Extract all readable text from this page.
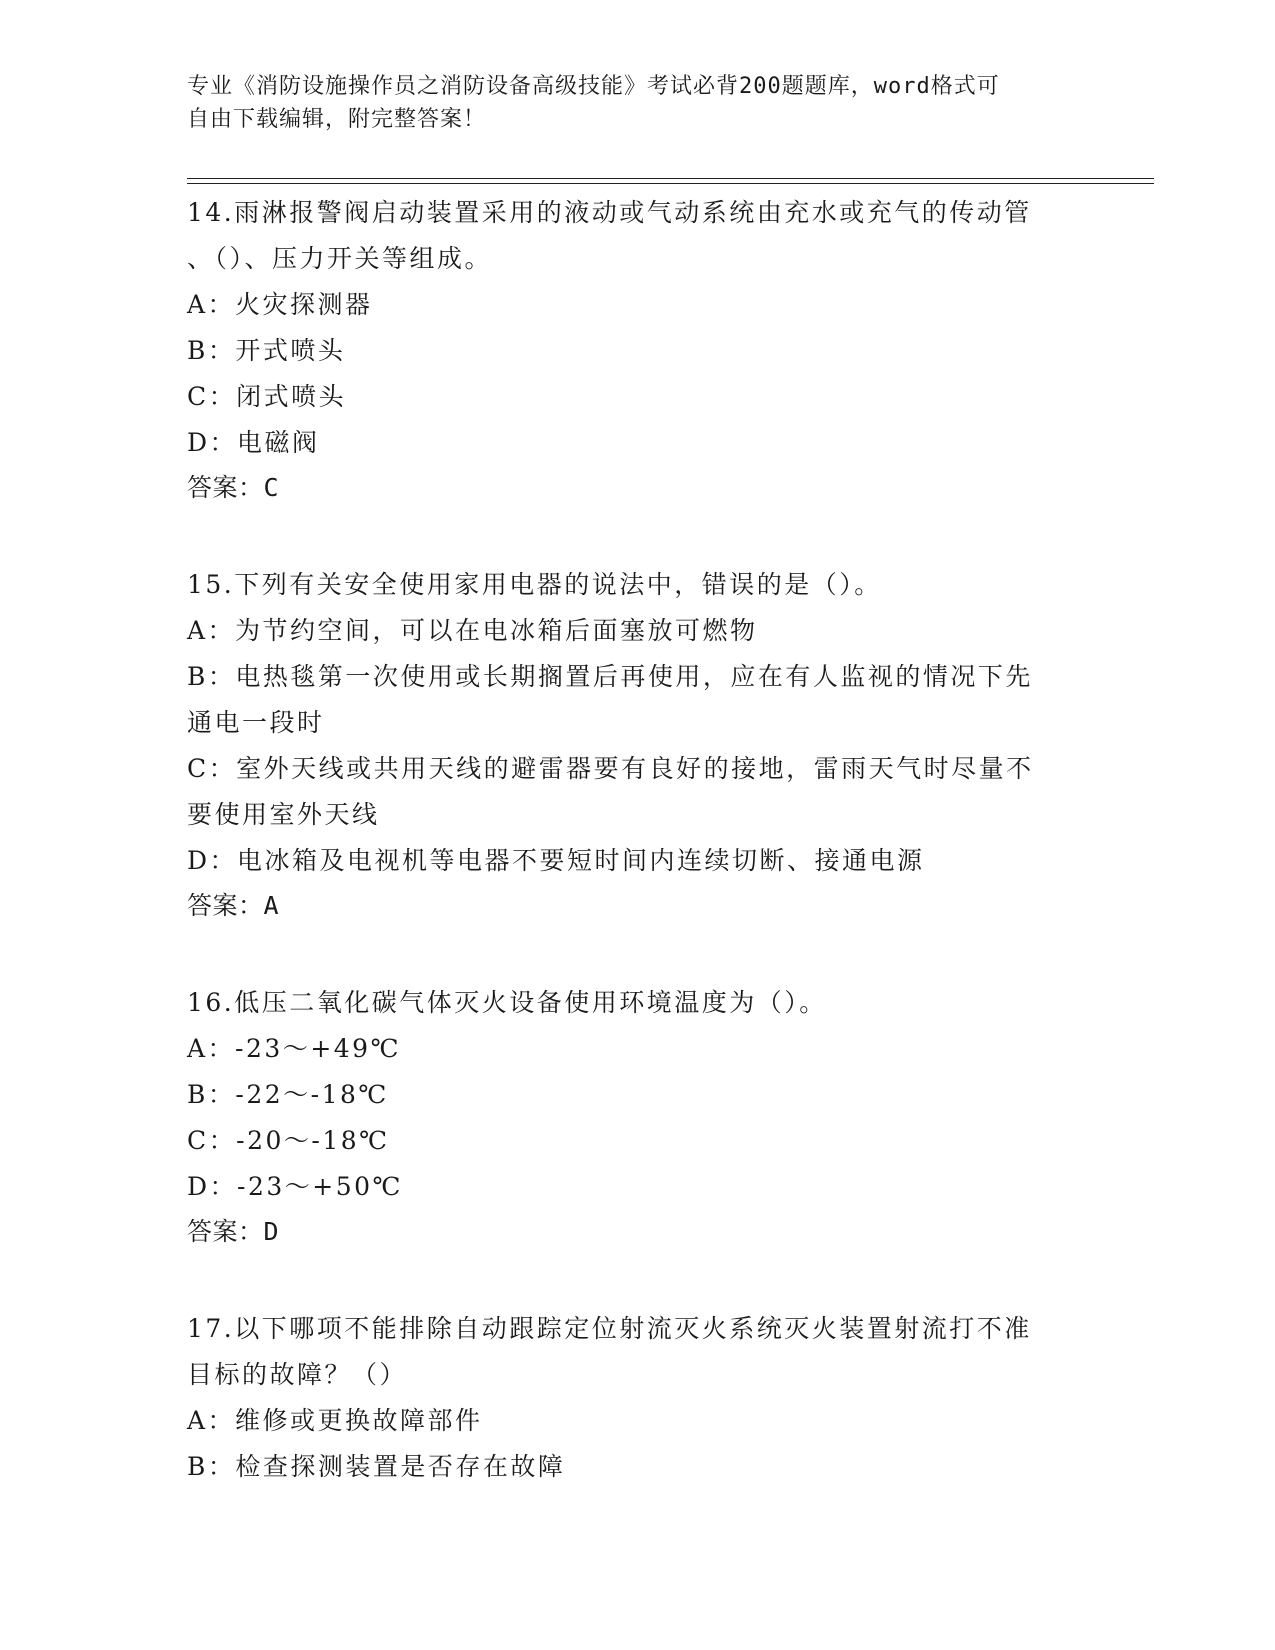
专业《消防设施操作员之消防设备高级技能》考试必背200题题库，word格式可
自由下载编辑，附完整答案！
14.雨淋报警阀启动装置采用的液动或气动系统由充水或充气的传动管
、（）、压力开关等组成。
A：火灾探测器
B：开式喷头
C：闭式喷头
D：电磁阀
答案：C
15.下列有关安全使用家用电器的说法中，错误的是（）。
A：为节约空间，可以在电冰箱后面塞放可燃物
B：电热毯第一次使用或长期搁置后再使用，应在有人监视的情况下先
通电一段时
C：室外天线或共用天线的避雷器要有良好的接地，雷雨天气时尽量不
要使用室外天线
D：电冰箱及电视机等电器不要短时间内连续切断、接通电源
答案：A
16.低压二氧化碳气体灭火设备使用环境温度为（）。
A：-23～+49℃
B：-22～-18℃
C：-20～-18℃
D：-23～+50℃
答案：D
17.以下哪项不能排除自动跟踪定位射流灭火系统灭火装置射流打不准
目标的故障？（）
A：维修或更换故障部件
B：检查探测装置是否存在故障
